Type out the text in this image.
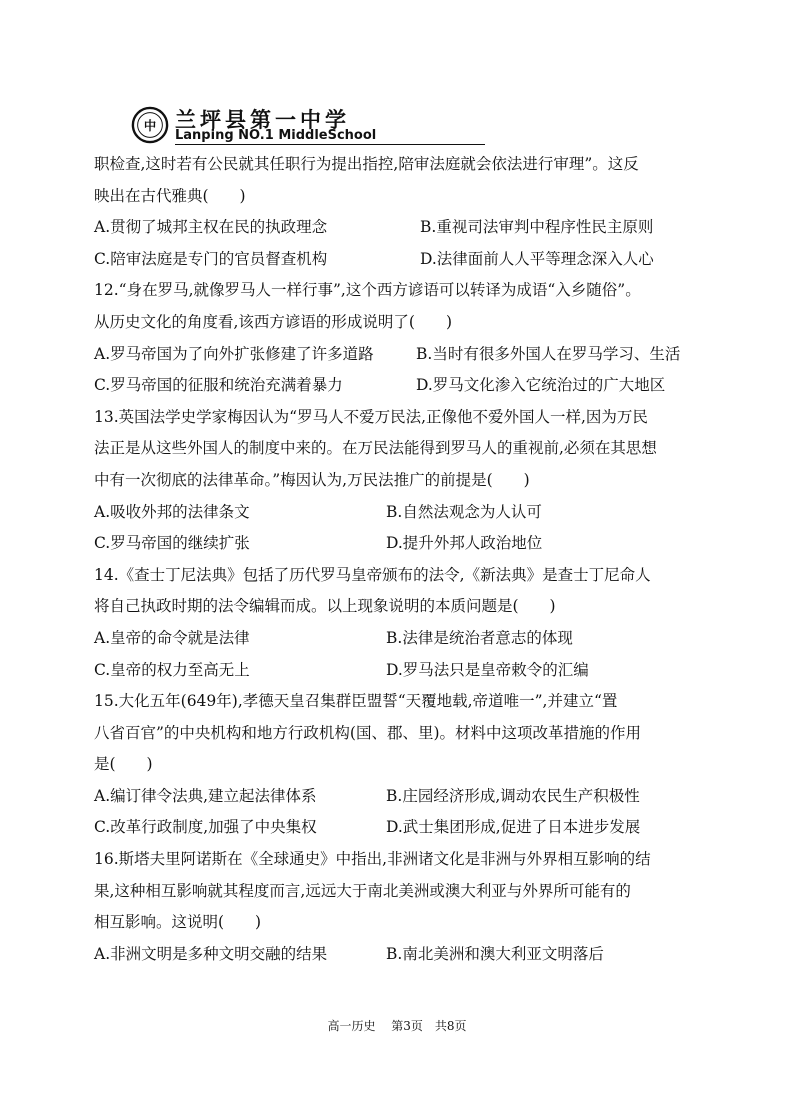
中 兰坪县第一中学
Lanping NO.1 MiddleSchool
职检查,这时若有公民就其任职行为提出指控,陪审法庭就会依法进行审理”。这反
映出在古代雅典(　　)
A.贯彻了城邦主权在民的执政理念	B.重视司法审判中程序性民主原则
C.陪审法庭是专门的官员督查机构	D.法律面前人人平等理念深入人心
12.“身在罗马,就像罗马人一样行事”,这个西方谚语可以转译为成语“入乡随俗”。
从历史文化的角度看,该西方谚语的形成说明了(　　)
A.罗马帝国为了向外扩张修建了许多道路	B.当时有很多外国人在罗马学习、生活
C.罗马帝国的征服和统治充满着暴力	D.罗马文化渗入它统治过的广大地区
13.英国法学史学家梅因认为“罗马人不爱万民法,正像他不爱外国人一样,因为万民
法正是从这些外国人的制度中来的。在万民法能得到罗马人的重视前,必须在其思想
中有一次彻底的法律革命。”梅因认为,万民法推广的前提是(　　)
A.吸收外邦的法律条文	B.自然法观念为人认可
C.罗马帝国的继续扩张	D.提升外邦人政治地位
14.《查士丁尼法典》包括了历代罗马皇帝颁布的法令,《新法典》是查士丁尼命人
将自己执政时期的法令编辑而成。以上现象说明的本质问题是(　　)
A.皇帝的命令就是法律	B.法律是统治者意志的体现
C.皇帝的权力至高无上	D.罗马法只是皇帝敕令的汇编
15.大化五年(649年),孝德天皇召集群臣盟誓“天覆地载,帝道唯一”,并建立“置
八省百官”的中央机构和地方行政机构(国、郡、里)。材料中这项改革措施的作用
是(　　)
A.编订律令法典,建立起法律体系	B.庄园经济形成,调动农民生产积极性
C.改革行政制度,加强了中央集权	D.武士集团形成,促进了日本进步发展
16.斯塔夫里阿诺斯在《全球通史》中指出,非洲诸文化是非洲与外界相互影响的结
果,这种相互影响就其程度而言,远远大于南北美洲或澳大利亚与外界所可能有的
相互影响。这说明(　　)
A.非洲文明是多种文明交融的结果	B.南北美洲和澳大利亚文明落后
高一历史 第3页 共8页
